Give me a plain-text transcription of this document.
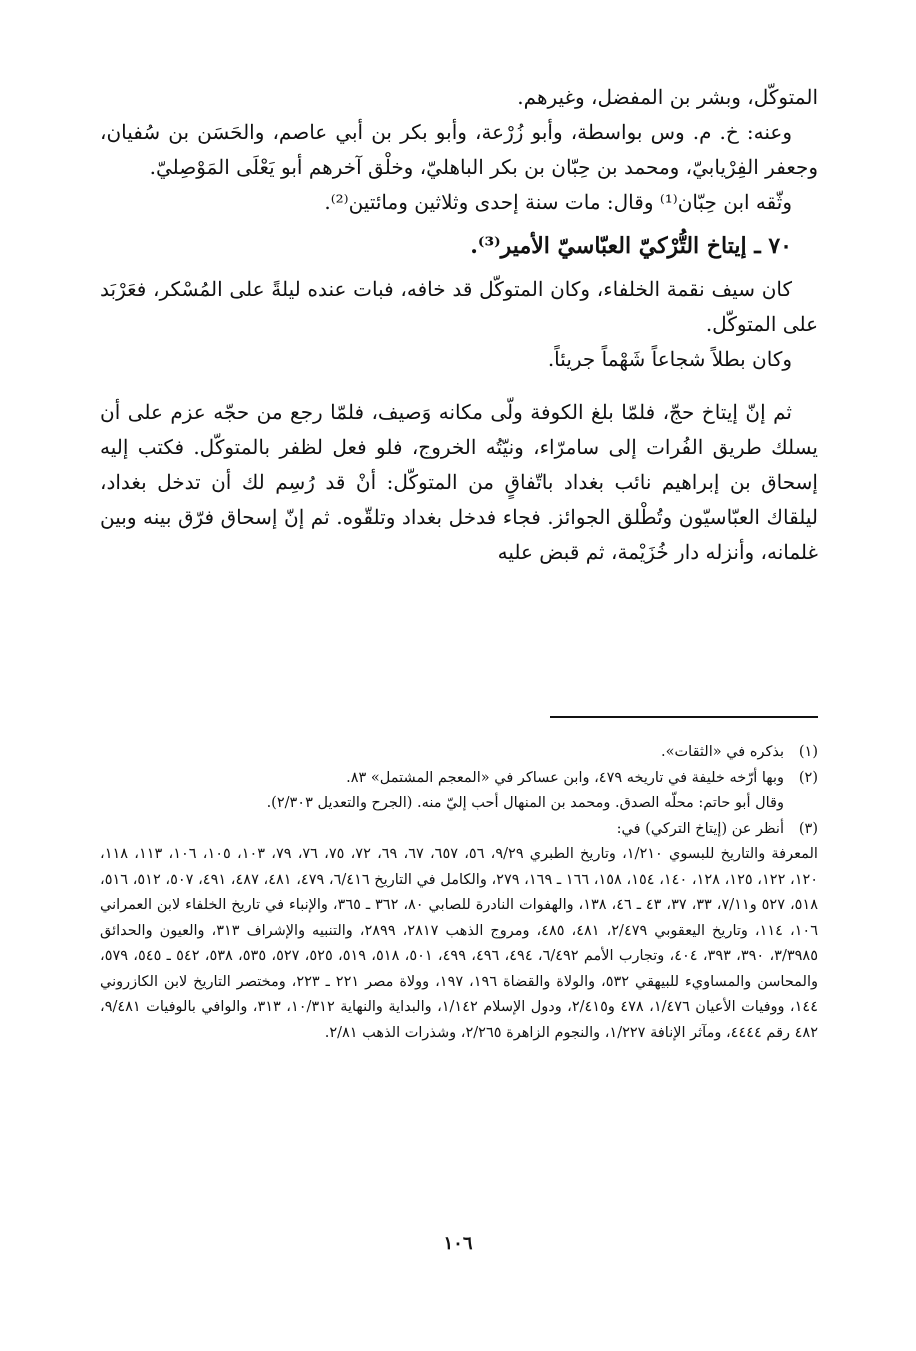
المتوكّل، وبشر بن المفضل، وغيرهم.

وعنه: خ. م. وس بواسطة، وأبو زُرْعة، وأبو بكر بن أبي عاصم، والحَسَن بن سُفيان، وجعفر الفِرْيابيّ، ومحمد بن حِبّان بن بكر الباهليّ، وخلْق آخرهم أبو يَعْلَى المَوْصِليّ.

وثّقه ابن حِبّان⁽¹⁾ وقال: مات سنة إحدى وثلاثين ومائتين⁽²⁾.

٧٠ ـ إيتاخ التُّرْكيّ العبّاسيّ الأمير⁽³⁾.

كان سيف نقمة الخلفاء، وكان المتوكّل قد خافه، فبات عنده ليلةً على المُسْكر، فعَرْبَد على المتوكّل.

وكان بطلاً شجاعاً شَهْماً جريئاً.

ثم إنّ إيتاخ حجّ، فلمّا بلغ الكوفة ولّى مكانه وَصيف، فلمّا رجع من حجّه عزم على أن يسلك طريق الفُرات إلى سامرّاء، ونيّتُه الخروج، فلو فعل لظفر بالمتوكّل. فكتب إليه إسحاق بن إبراهيم نائب بغداد باتّفاقٍ من المتوكّل: أنْ قد رُسِم لك أن تدخل بغداد، ليلقاك العبّاسيّون وتُطْلق الجوائز. فجاء فدخل بغداد وتلقّوه. ثم إنّ إسحاق فرّق بينه وبين غلمانه، وأنزله دار خُزَيْمة، ثم قبض عليه

(١)بذكره في «الثقات».

(٢)وبها أرّخه خليفة في تاريخه ٤٧٩، وابن عساكر في «المعجم المشتمل» ٨٣.

وقال أبو حاتم: محلّه الصدق. ومحمد بن المنهال أحب إليّ منه. (الجرح والتعديل ٢/٣٠٣).

(٣)أنظر عن (إيتاخ التركي) في:

المعرفة والتاريخ للبسوي ١/٢١٠، وتاريخ الطبري ٩/٢٩، ٥٦، ٦٥٧، ٦٧، ٦٩، ٧٢، ٧٥، ٧٦، ٧٩، ١٠٣، ١٠٥، ١٠٦، ١١٣، ١١٨، ١٢٠، ١٢٢، ١٢٥، ١٢٨، ١٤٠، ١٥٤، ١٥٨، ١٦٦ ـ ١٦٩، ٢٧٩، والكامل في التاريخ ٦/٤١٦، ٤٧٩، ٤٨١، ٤٨٧، ٤٩١، ٥٠٧، ٥١٢، ٥١٦، ٥١٨، ٥٢٧ و٧/١١، ٣٣، ٣٧، ٤٣ ـ ٤٦، ١٣٨، والهفوات النادرة للصابي ٨٠، ٣٦٢ ـ ٣٦٥، والإنباء في تاريخ الخلفاء لابن العمراني ١٠٦، ١١٤، وتاريخ اليعقوبي ٢/٤٧٩، ٤٨١، ٤٨٥، ومروج الذهب ٢٨١٧، ٢٨٩٩، والتنبيه والإشراف ٣١٣، والعيون والحدائق ٣/٣٩٨٥، ٣٩٠، ٣٩٣، ٤٠٤، وتجارب الأمم ٦/٤٩٢، ٤٩٤، ٤٩٦، ٤٩٩، ٥٠١، ٥١٨، ٥١٩، ٥٢٥، ٥٢٧، ٥٣٥، ٥٣٨، ٥٤٢ ـ ٥٤٥، ٥٧٩، والمحاسن والمساويء للبيهقي ٥٣٢، والولاة والقضاة ١٩٦، ١٩٧، وولاة مصر ٢٢١ ـ ٢٢٣، ومختصر التاريخ لابن الكازروني ١٤٤، ووفيات الأعيان ١/٤٧٦، ٤٧٨ و٢/٤١٥، ودول الإسلام ١/١٤٢، والبداية والنهاية ١٠/٣١٢، ٣١٣، والوافي بالوفيات ٩/٤٨١، ٤٨٢ رقم ٤٤٤٤، ومآثر الإنافة ١/٢٢٧، والنجوم الزاهرة ٢/٢٦٥، وشذرات الذهب ٢/٨١.

١٠٦
